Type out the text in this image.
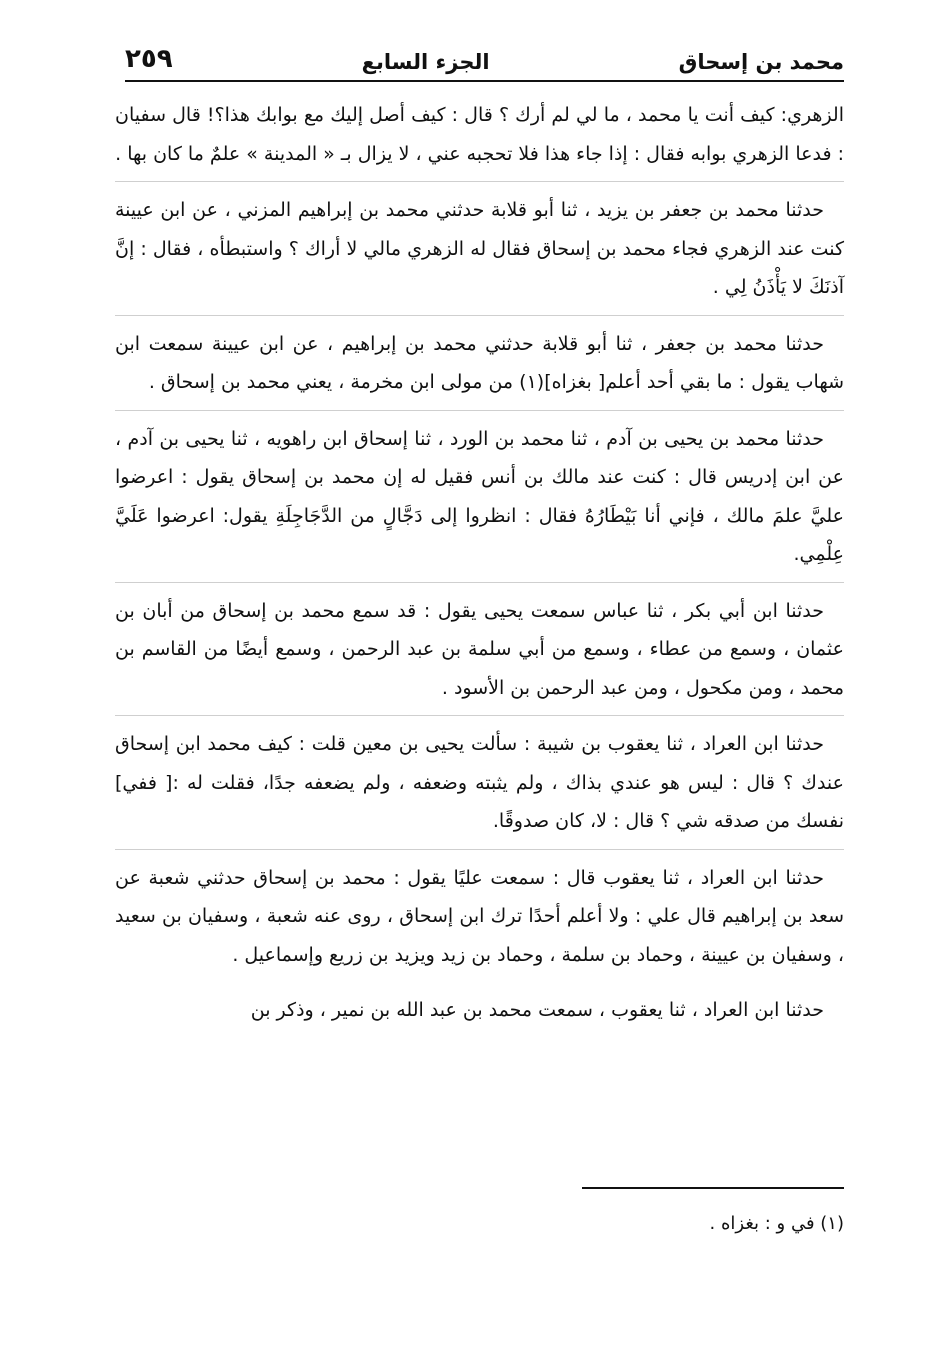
محمد بن إسحاق
الجزء السابع
٢٥٩

الزهري: كيف أنت يا محمد ، ما لي لم أرك ؟ قال : كيف أصل إليك مع بوابك هذا؟! قال سفيان : فدعا الزهري بوابه فقال : إذا جاء هذا فلا تحجبه عني ، لا يزال بـ « المدينة » علمٌ ما كان بها .

حدثنا محمد بن جعفر بن يزيد ، ثنا أبو قلابة حدثني محمد بن إبراهيم المزني ، عن ابن عيينة كنت عند الزهري فجاء محمد بن إسحاق فقال له الزهري مالي لا أراك ؟ واستبطأه ، فقال : إنَّ آذنَكَ لا يَأْذَنُ لِي .

حدثنا محمد بن جعفر ، ثنا أبو قلابة حدثني محمد بن إبراهيم ، عن ابن عيينة سمعت ابن شهاب يقول : ما بقي أحد أعلم[ بغزاه](١) من مولى ابن مخرمة ، يعني محمد بن إسحاق .

حدثنا محمد بن يحيى بن آدم ، ثنا محمد بن الورد ، ثنا إسحاق ابن راهويه ، ثنا يحيى بن آدم ، عن ابن إدريس قال : كنت عند مالك بن أنس فقيل له إن محمد بن إسحاق يقول : اعرضوا عليَّ علمَ مالك ، فإني أنا بَيْطَارُهُ فقال : انظروا إلى دَجَّالٍ من الدَّجَاجِلَةِ يقول: اعرضوا عَلَيَّ عِلْمِي.

حدثنا ابن أبي بكر ، ثنا عباس سمعت يحيى يقول : قد سمع محمد بن إسحاق من أبان بن عثمان ، وسمع من عطاء ، وسمع من أبي سلمة بن عبد الرحمن ، وسمع أيضًا من القاسم بن محمد ، ومن مكحول ، ومن عبد الرحمن بن الأسود .

حدثنا ابن العراد ، ثنا يعقوب بن شيبة : سألت يحيى بن معين قلت : كيف محمد ابن إسحاق عندك ؟ قال : ليس هو عندي بذاك ، ولم يثبته وضعفه ، ولم يضعفه جدًا، فقلت له :[ ففي] نفسك من صدقه شي ؟ قال : لا، كان صدوقًا.

حدثنا ابن العراد ، ثنا يعقوب قال : سمعت عليًا يقول : محمد بن إسحاق حدثني شعبة عن سعد بن إبراهيم قال علي : ولا أعلم أحدًا ترك ابن إسحاق ، روى عنه شعبة ، وسفيان بن سعيد ، وسفيان بن عيينة ، وحماد بن سلمة ، وحماد بن زيد ويزيد بن زريع وإسماعيل .

حدثنا ابن العراد ، ثنا يعقوب ، سمعت محمد بن عبد الله بن نمير ، وذكر بن

(١) في و : بغزاه .
